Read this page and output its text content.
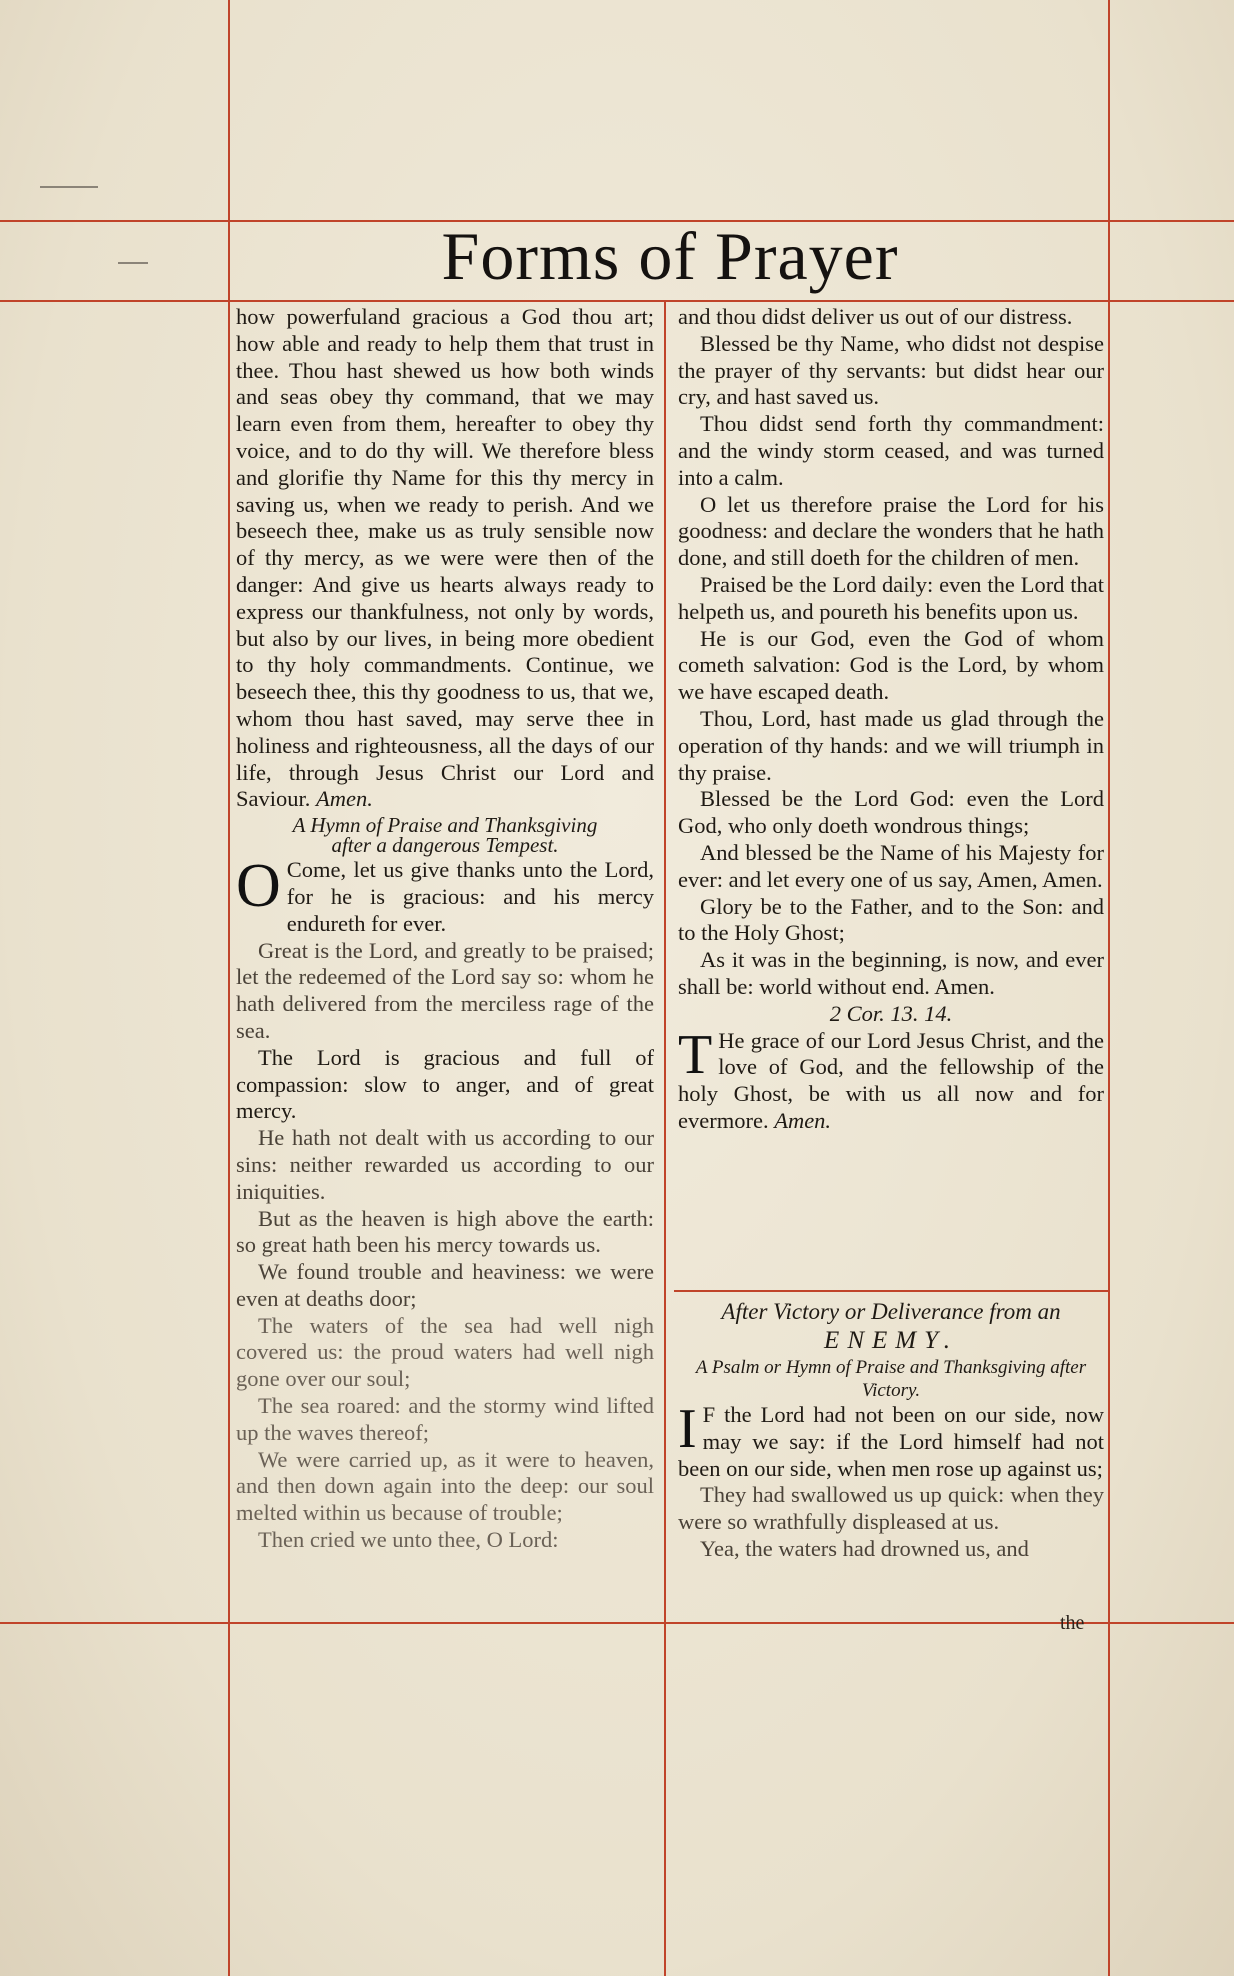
Forms of Prayer

how powerfuland gracious a God thou art; how able and ready to help them that trust in thee. Thou hast shewed us how both winds and seas obey thy command, that we may learn even from them, hereafter to obey thy voice, and to do thy will. We therefore bless and glorifie thy Name for this thy mercy in saving us, when we ready to perish. And we beseech thee, make us as truly sensible now of thy mercy, as we were were then of the danger: And give us hearts always ready to express our thankfulness, not only by words, but also by our lives, in being more obedient to thy holy commandments. Continue, we beseech thee, this thy goodness to us, that we, whom thou hast saved, may serve thee in holiness and righteousness, all the days of our life, through Jesus Christ our Lord and Saviour. Amen.

A Hymn of Praise and Thanksgiving

after a dangerous Tempest.

O Come, let us give thanks unto the Lord, for he is gracious: and his mercy endureth for ever.

Great is the Lord, and greatly to be praised; let the redeemed of the Lord say so: whom he hath delivered from the merciless rage of the sea.

The Lord is gracious and full of compassion: slow to anger, and of great mercy.

He hath not dealt with us according to our sins: neither rewarded us according to our iniquities.

But as the heaven is high above the earth: so great hath been his mercy towards us.

We found trouble and heaviness: we were even at deaths door;

The waters of the sea had well nigh covered us: the proud waters had well nigh gone over our soul;

The sea roared: and the stormy wind lifted up the waves thereof;

We were carried up, as it were to heaven, and then down again into the deep: our soul melted within us because of trouble;

Then cried we unto thee, O Lord:

and thou didst deliver us out of our distress.

Blessed be thy Name, who didst not despise the prayer of thy servants: but didst hear our cry, and hast saved us.

Thou didst send forth thy commandment: and the windy storm ceased, and was turned into a calm.

O let us therefore praise the Lord for his goodness: and declare the wonders that he hath done, and still doeth for the children of men.

Praised be the Lord daily: even the Lord that helpeth us, and poureth his benefits upon us.

He is our God, even the God of whom cometh salvation: God is the Lord, by whom we have escaped death.

Thou, Lord, hast made us glad through the operation of thy hands: and we will triumph in thy praise.

Blessed be the Lord God: even the Lord God, who only doeth wondrous things;

And blessed be the Name of his Majesty for ever: and let every one of us say, Amen, Amen.

Glory be to the Father, and to the Son: and to the Holy Ghost;

As it was in the beginning, is now, and ever shall be: world without end. Amen.

2 Cor. 13. 14.

T He grace of our Lord Jesus Christ, and the love of God, and the fellowship of the holy Ghost, be with us all now and for evermore. Amen.

After Victory or Deliverance from an

ENEMY.

A Psalm or Hymn of Praise and Thanksgiving after Victory.

I F the Lord had not been on our side, now may we say: if the Lord himself had not been on our side, when men rose up against us;

They had swallowed us up quick: when they were so wrathfully displeased at us.

Yea, the waters had drowned us, and

the
